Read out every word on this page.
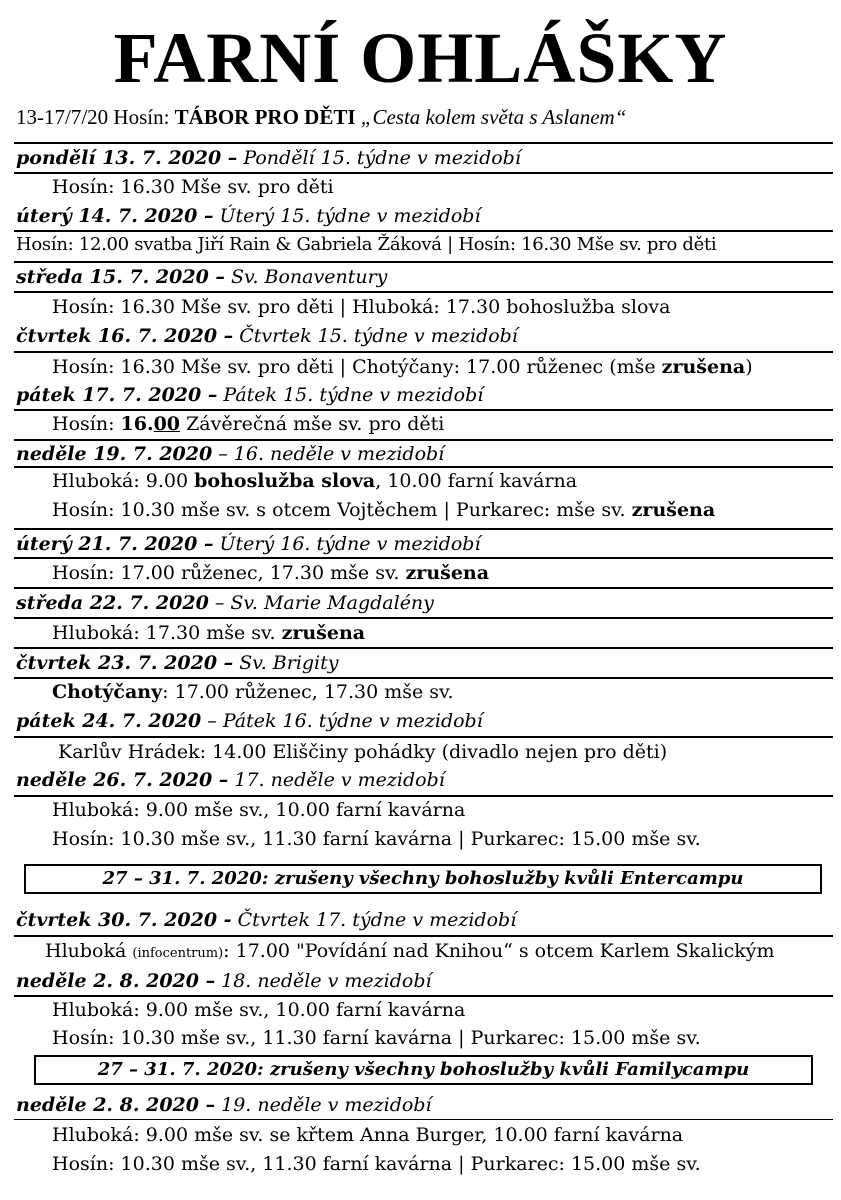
FARNÍ OHLÁŠKY
13-17/7/20 Hosín: TÁBOR PRO DĚTI „Cesta kolem světa s Aslanem“
pondělí 13. 7. 2020 – Pondělí 15. týdne v mezidobí
Hosín: 16.30 Mše sv. pro děti
úterý 14. 7. 2020 – Úterý 15. týdne v mezidobí
Hosín: 12.00 svatba Jiří Rain & Gabriela Žáková | Hosín: 16.30 Mše sv. pro děti
středa 15. 7. 2020 – Sv. Bonaventury
Hosín: 16.30 Mše sv. pro děti | Hluboká: 17.30 bohoslužba slova
čtvrtek 16. 7. 2020 – Čtvrtek 15. týdne v mezidobí
Hosín: 16.30 Mše sv. pro děti | Chotýčany: 17.00 růženec (mše zrušena)
pátek 17. 7. 2020 – Pátek 15. týdne v mezidobí
Hosín: 16.00 Závěrečná mše sv. pro děti
neděle 19. 7. 2020 – 16. neděle v mezidobí
Hluboká: 9.00 bohoslužba slova, 10.00 farní kavárna
Hosín: 10.30 mše sv. s otcem Vojtěchem | Purkarec: mše sv. zrušena
úterý 21. 7. 2020 – Úterý 16. týdne v mezidobí
Hosín: 17.00 růženec, 17.30 mše sv. zrušena
středa 22. 7. 2020 – Sv. Marie Magdalény
Hluboká: 17.30 mše sv. zrušena
čtvrtek 23. 7. 2020 – Sv. Brigity
Chotýčany: 17.00 růženec, 17.30 mše sv.
pátek 24. 7. 2020 – Pátek 16. týdne v mezidobí
Karlův Hrádek: 14.00 Eliščiny pohádky (divadlo nejen pro děti)
neděle 26. 7. 2020 – 17. neděle v mezidobí
Hluboká: 9.00 mše sv., 10.00 farní kavárna
Hosín: 10.30 mše sv., 11.30 farní kavárna | Purkarec: 15.00 mše sv.
27 – 31. 7. 2020: zrušeny všechny bohoslužby kvůli Entercampu
čtvrtek 30. 7. 2020 - Čtvrtek 17. týdne v mezidobí
Hluboká (infocentrum): 17.00 "Povídání nad Knihou“ s otcem Karlem Skalickým
neděle 2. 8. 2020 – 18. neděle v mezidobí
Hluboká: 9.00 mše sv., 10.00 farní kavárna
Hosín: 10.30 mše sv., 11.30 farní kavárna | Purkarec: 15.00 mše sv.
27 – 31. 7. 2020: zrušeny všechny bohoslužby kvůli Familycampu
neděle 2. 8. 2020 – 19. neděle v mezidobí
Hluboká: 9.00 mše sv. se křtem Anna Burger, 10.00 farní kavárna
Hosín: 10.30 mše sv., 11.30 farní kavárna | Purkarec: 15.00 mše sv.
